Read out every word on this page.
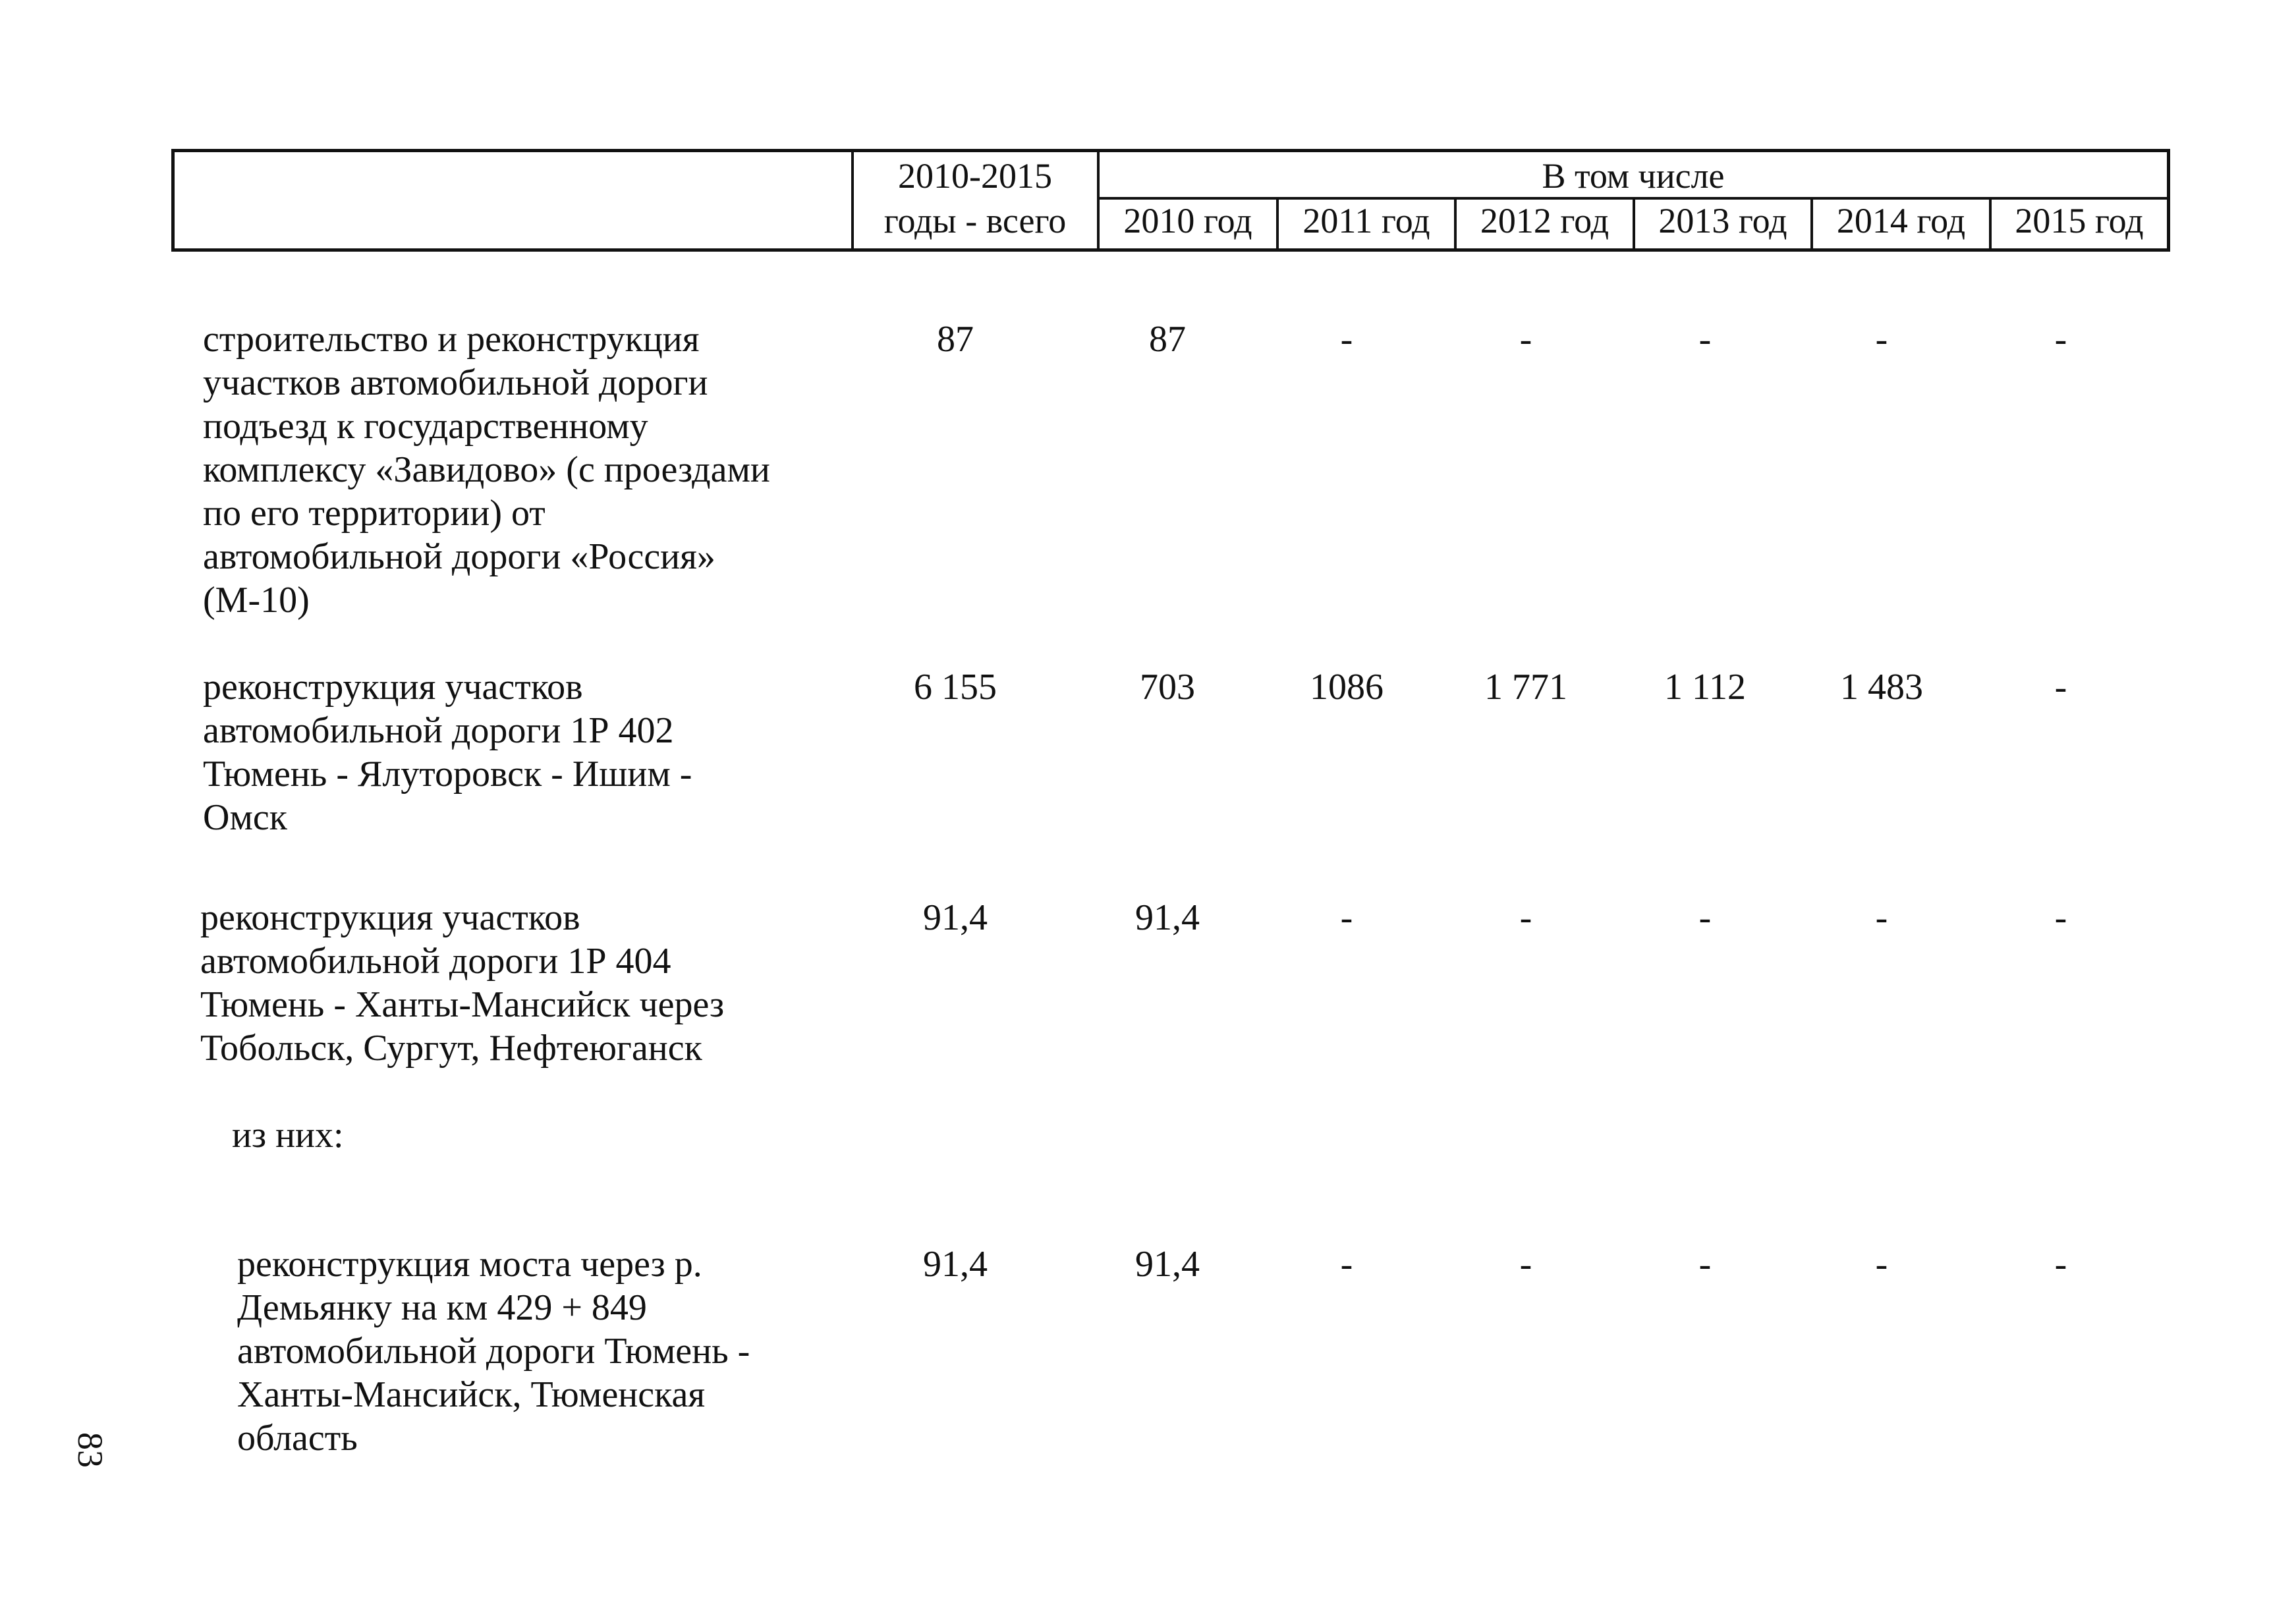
2010-2015
годы - всего
В том числе
2010 год	2011 год	2012 год	2013 год	2014 год	2015 год
строительство и реконструкция
участков автомобильной дороги
подъезд к государственному
комплексу «Завидово» (с проездами
по его территории) от
автомобильной дороги «Россия»
(М-10)
87	87	-	-	-	-	-
реконструкция участков
автомобильной дороги 1Р 402
Тюмень - Ялуторовск - Ишим -
Омск
6 155	703	1086	1 771	1 112	1 483	-
реконструкция участков
автомобильной дороги 1Р 404
Тюмень - Ханты-Мансийск через
Тобольск, Сургут, Нефтеюганск
91,4	91,4	-	-	-	-	-
из них:
реконструкция моста через р.
Демьянку на км 429 + 849
автомобильной дороги Тюмень -
Ханты-Мансийск, Тюменская
область
91,4	91,4	-	-	-	-	-
83
